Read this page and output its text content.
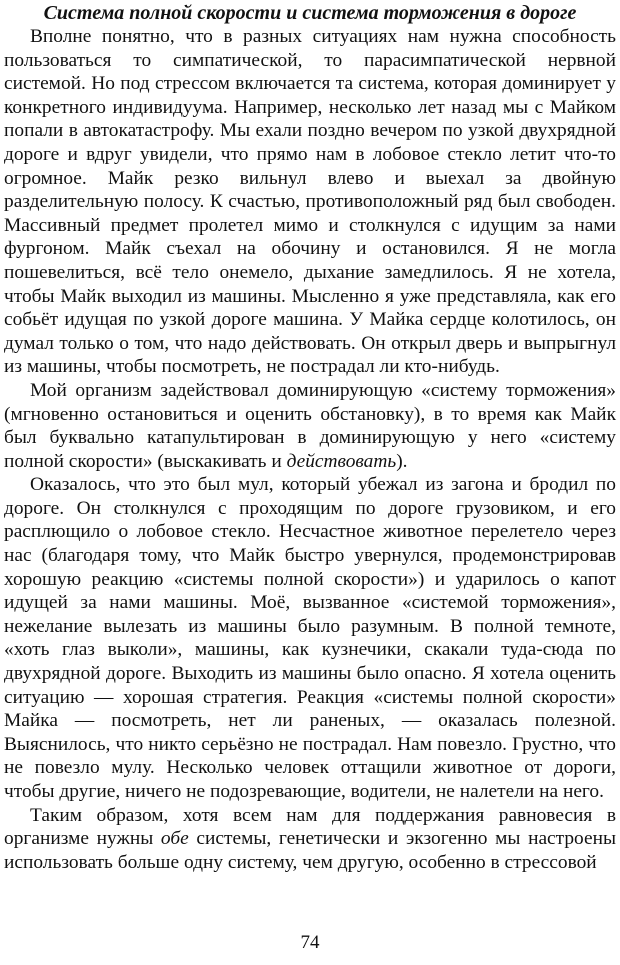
Система полной скорости и система торможения в дороге

Вполне понятно, что в разных ситуациях нам нужна способность пользоваться то симпатической, то парасимпатической нервной системой. Но под стрессом включается та система, которая доминирует у конкретного индивидуума. Например, несколько лет назад мы с Майком попали в автокатастрофу. Мы ехали поздно вечером по узкой двухрядной дороге и вдруг увидели, что прямо нам в лобовое стекло летит что-то огромное. Майк резко вильнул влево и выехал за двойную разделительную полосу. К счастью, противоположный ряд был свободен. Массивный предмет пролетел мимо и столкнулся с идущим за нами фургоном. Майк съехал на обочину и остановился. Я не могла пошевелиться, всё тело онемело, дыхание замедлилось. Я не хотела, чтобы Майк выходил из машины. Мысленно я уже представляла, как его собьёт идущая по узкой дороге машина. У Майка сердце колотилось, он думал только о том, что надо действовать. Он открыл дверь и выпрыгнул из машины, чтобы посмотреть, не пострадал ли кто-нибудь.

Мой организм задействовал доминирующую «систему торможения» (мгновенно остановиться и оценить обстановку), в то время как Майк был буквально катапультирован в доминирующую у него «систему полной скорости» (выскакивать и действовать).

Оказалось, что это был мул, который убежал из загона и бродил по дороге. Он столкнулся с проходящим по дороге грузовиком, и его расплющило о лобовое стекло. Несчастное животное перелетело через нас (благодаря тому, что Майк быстро увернулся, продемонстрировав хорошую реакцию «системы полной скорости») и ударилось о капот идущей за нами машины. Моё, вызванное «системой торможения», нежелание вылезать из машины было разумным. В полной темноте, «хоть глаз выколи», машины, как кузнечики, скакали туда-сюда по двухрядной дороге. Выходить из машины было опасно. Я хотела оценить ситуацию — хорошая стратегия. Реакция «системы полной скорости» Майка — посмотреть, нет ли раненых, — оказалась полезной. Выяснилось, что никто серьёзно не пострадал. Нам повезло. Грустно, что не повезло мулу. Несколько человек оттащили животное от дороги, чтобы другие, ничего не подозревающие, водители, не налетели на него.

Таким образом, хотя всем нам для поддержания равновесия в организме нужны обе системы, генетически и экзогенно мы настроены использовать больше одну систему, чем другую, особенно в стрессовой

74
